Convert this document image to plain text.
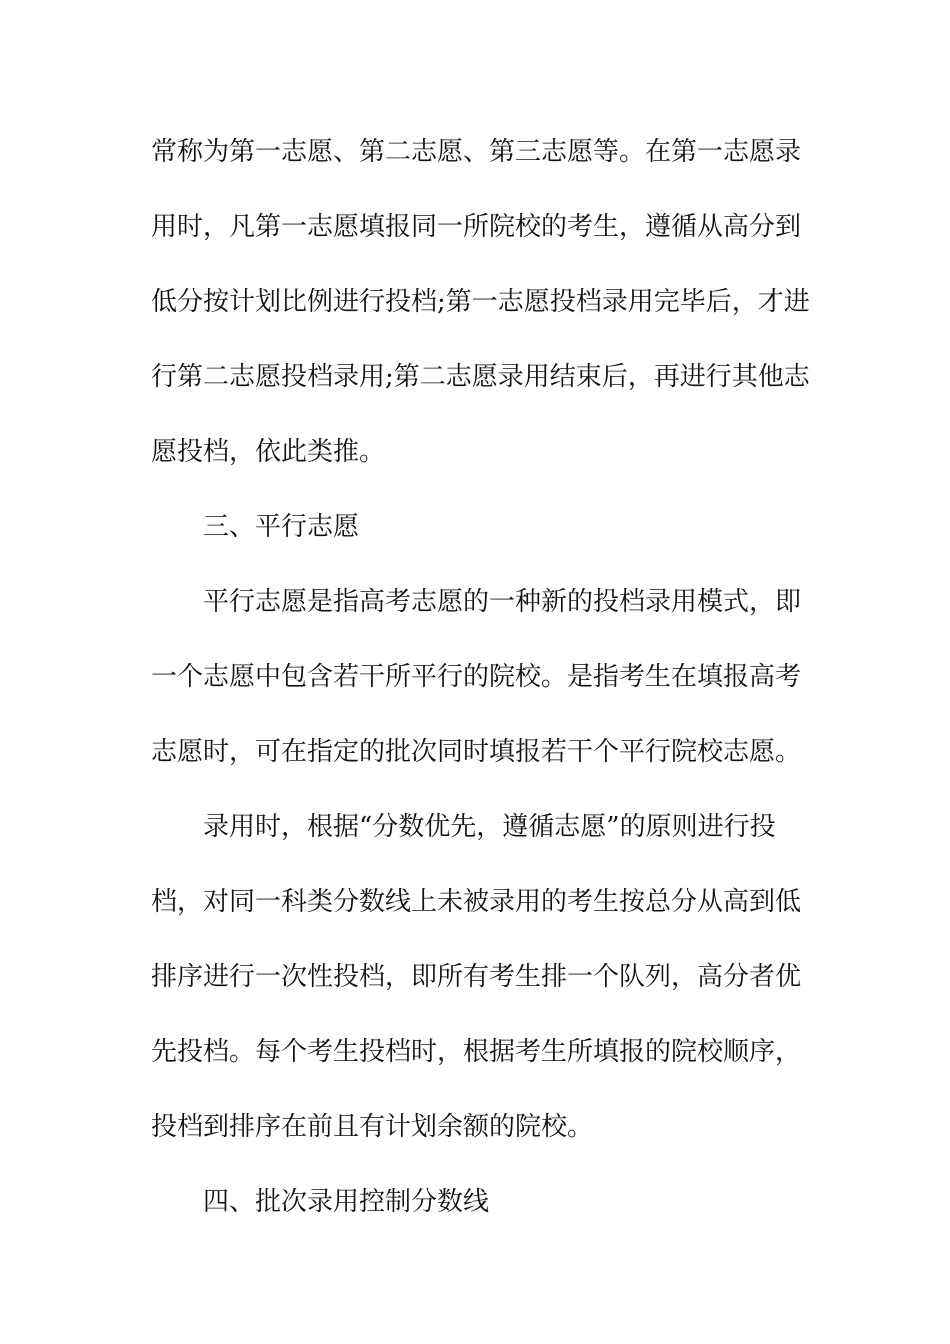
常称为第一志愿、第二志愿、第三志愿等。在第一志愿录
用时，凡第一志愿填报同一所院校的考生，遵循从高分到
低分按计划比例进行投档;第一志愿投档录用完毕后，才进
行第二志愿投档录用;第二志愿录用结束后，再进行其他志
愿投档，依此类推。
三、平行志愿
平行志愿是指高考志愿的一种新的投档录用模式，即
一个志愿中包含若干所平行的院校。是指考生在填报高考
志愿时，可在指定的批次同时填报若干个平行院校志愿。
录用时，根据“分数优先，遵循志愿”的原则进行投
档，对同一科类分数线上未被录用的考生按总分从高到低
排序进行一次性投档，即所有考生排一个队列，高分者优
先投档。每个考生投档时，根据考生所填报的院校顺序，
投档到排序在前且有计划余额的院校。
四、批次录用控制分数线
